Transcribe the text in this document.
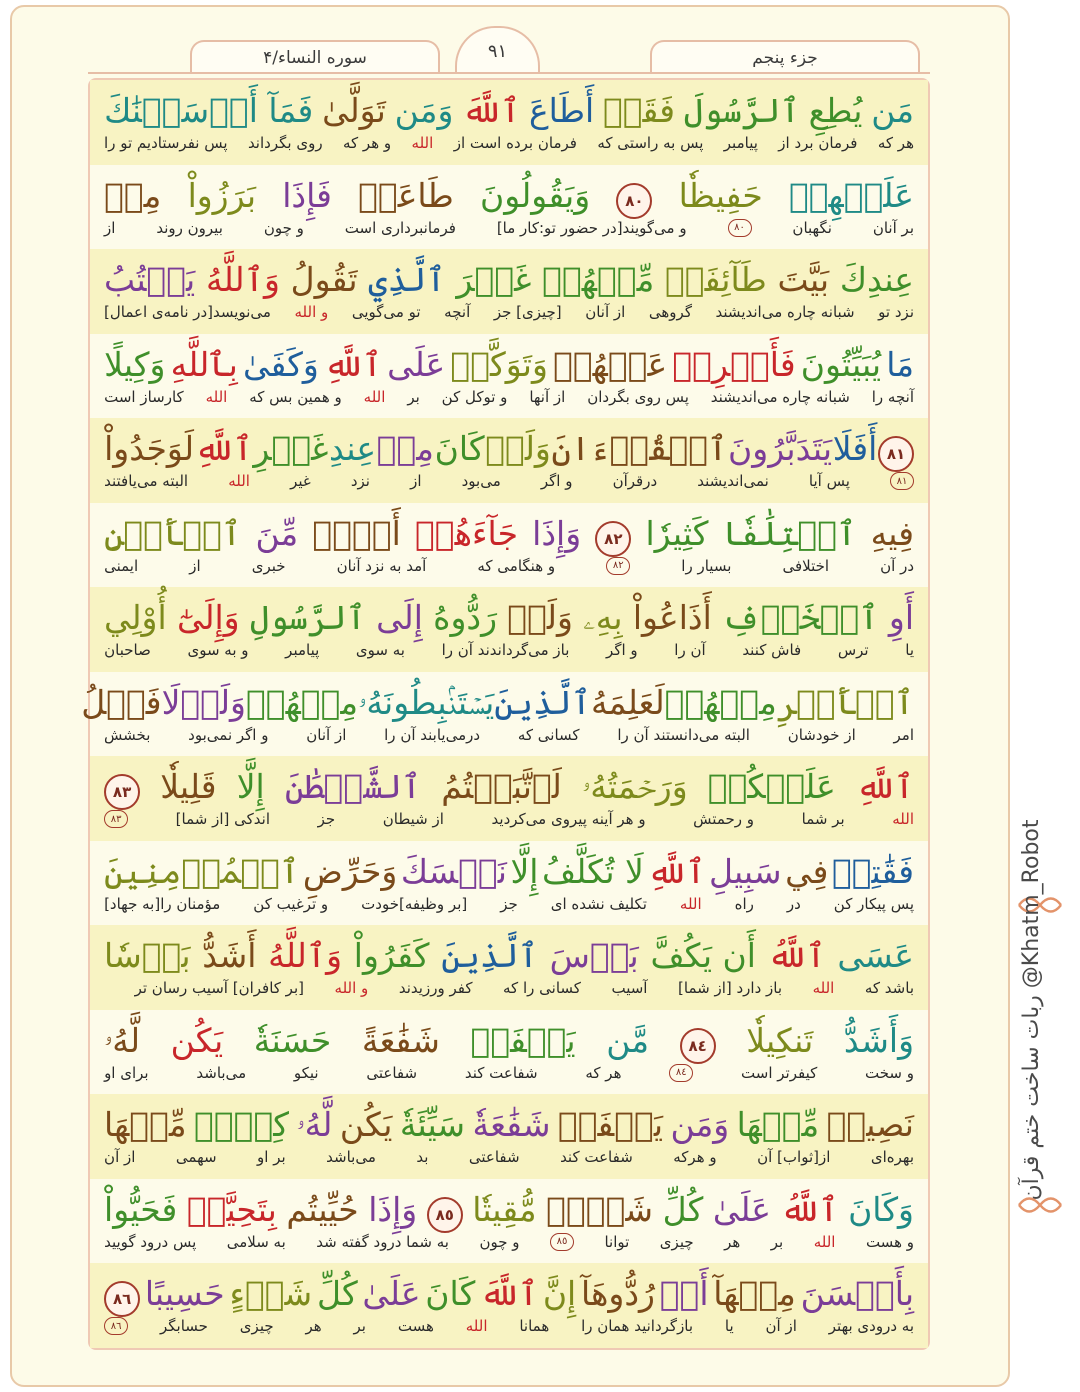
جزء پنجم
۹۱
سوره النساء/۴
مَن
يُطِعِ
ٱلرَّسُولَ
فَقَدۡ
أَطَاعَ
ٱللَّهَ
وَمَن
تَوَلَّىٰ
فَمَآ أَرۡسَلۡنَٰكَ
هر که
فرمان برد از
پیامبر
پس به راستی که
فرمان برده است از
الله
و هر که
روی بگرداند
پس نفرستادیم تو را
عَلَيۡهِمۡ
حَفِيظٗا
٨٠
وَيَقُولُونَ
طَاعَةٞ
فَإِذَا
بَرَزُواْ
مِنۡ
بر آنان
نگهبان
٨٠
و می‌گویند[در حضور تو:کار ما]
فرمانبرداری است
و چون
بیرون روند
از
عِندِكَ
بَيَّتَ
طَآئِفَةٞ
مِّنۡهُمۡ
غَيۡرَ
ٱلَّذِي
تَقُولُ
وَٱللَّهُ
يَكۡتُبُ
نزد تو
شبانه چاره می‌اندیشند
گروهی
از آنان
[چیزی] جز
آنچه
تو می‌گویی
و الله
می‌نویسد[در نامه‌ی اعمال]
مَا
يُبَيِّتُونَ
فَأَعۡرِضۡ
عَنۡهُمۡ
وَتَوَكَّلۡ
عَلَى
ٱللَّهِ
وَكَفَىٰ
بِٱللَّهِ
وَكِيلًا
آنچه را
شبانه چاره می‌اندیشند
پس روی بگردان
از آنها
و توکل کن
بر
الله
و همین بس که
الله
کارساز است
٨١
أَفَلَا
يَتَدَبَّرُونَ
ٱلۡقُرۡءَانَ
وَلَوۡ
كَانَ
مِنۡ
عِندِ
غَيۡرِ
ٱللَّهِ
لَوَجَدُواْ
٨١
پس آیا
نمی‌اندیشند
درقرآن
و اگر
می‌بود
از
نزد
غیر
الله
البته می‌یافتند
فِيهِ
ٱخۡتِلَٰفٗا
كَثِيرٗا
٨٢
وَإِذَا
جَآءَهُمۡ
أَمۡرٞ
مِّنَ
ٱلۡأَمۡنِ
در آن
اختلافی
بسیار را
٨٢
و هنگامی که
آمد به نزد آنان
خبری
از
ایمنی
أَوِ
ٱلۡخَوۡفِ
أَذَاعُواْ
بِهِۦ
وَلَوۡ
رَدُّوهُ
إِلَى
ٱلرَّسُولِ
وَإِلَىٰٓ
أُوْلِي
یا
ترس
فاش کنند
آن را
و اگر
باز می‌گرداندند آن را
به سوی
پیامبر
و به سوی
صاحبان
ٱلۡأَمۡرِ
مِنۡهُمۡ
لَعَلِمَهُ
ٱلَّذِينَ
يَسۡتَنۢبِطُونَهُۥ
مِنۡهُمۡ
وَلَوۡلَا
فَضۡلُ
امر
از خودشان
البته می‌دانستند آن را
کسانی که
درمی‌یابند آن را
از آنان
و اگر نمی‌بود
بخشش
ٱللَّهِ
عَلَيۡكُمۡ
وَرَحۡمَتُهُۥ
لَٱتَّبَعۡتُمُ
ٱلشَّيۡطَٰنَ
إِلَّا
قَلِيلٗا
٨٣
الله
بر شما
و رحمتش
و هر آینه پیروی می‌کردید
از شیطان
جز
اندکی [از شما]
٨٣
فَقَٰتِلۡ
فِي
سَبِيلِ
ٱللَّهِ
لَا تُكَلَّفُ
إِلَّا
نَفۡسَكَ
وَحَرِّضِ
ٱلۡمُؤۡمِنِينَ
پس پیکار کن
در
راه
الله
تکلیف نشده ای
جز
[بر وظیفه]خودت
و ترغیب کن
مؤمنان را[به جهاد]
عَسَى
ٱللَّهُ
أَن يَكُفَّ
بَأۡسَ
ٱلَّذِينَ
كَفَرُواْ
وَٱللَّهُ
أَشَدُّ
بَأۡسٗا
باشد که
الله
باز دارد [از شما]
آسیب
کسانی را که
کفر ورزیدند
و الله
[بر کافران] آسیب رسان تر
وَأَشَدُّ
تَنكِيلٗا
٨٤
مَّن
يَشۡفَعۡ
شَفَٰعَةً
حَسَنَةٗ
يَكُن
لَّهُۥ
و سخت
کیفرتر است
٨٤
هر که
شفاعت کند
شفاعتی
نیکو
می‌باشد
برای او
نَصِيبٞ
مِّنۡهَا
وَمَن
يَشۡفَعۡ
شَفَٰعَةٗ
سَيِّئَةٗ
يَكُن
لَّهُۥ
كِفۡلٞ
مِّنۡهَا
بهره‌ای
از[ثواب] آن
و هرکه
شفاعت کند
شفاعتی
بد
می‌باشد
بر او
سهمی
از آن
وَكَانَ
ٱللَّهُ
عَلَىٰ
كُلِّ
شَيۡءٖ
مُّقِيتٗا
٨٥
وَإِذَا
حُيِّيتُم
بِتَحِيَّةٖ
فَحَيُّواْ
و هست
الله
بر
هر
چیزی
توانا
٨٥
و چون
به شما درود گفته شد
به سلامی
پس درود گویید
بِأَحۡسَنَ
مِنۡهَآ
أَوۡ
رُدُّوهَآ
إِنَّ
ٱللَّهَ
كَانَ
عَلَىٰ
كُلِّ
شَيۡءٍ
حَسِيبًا
٨٦
به درودی بهتر
از آن
یا
بازگردانید همان را
همانا
الله
هست
بر
هر
چیزی
حسابگر
٨٦
ربات ساخت ختم قرآن @Khatm_Robot
